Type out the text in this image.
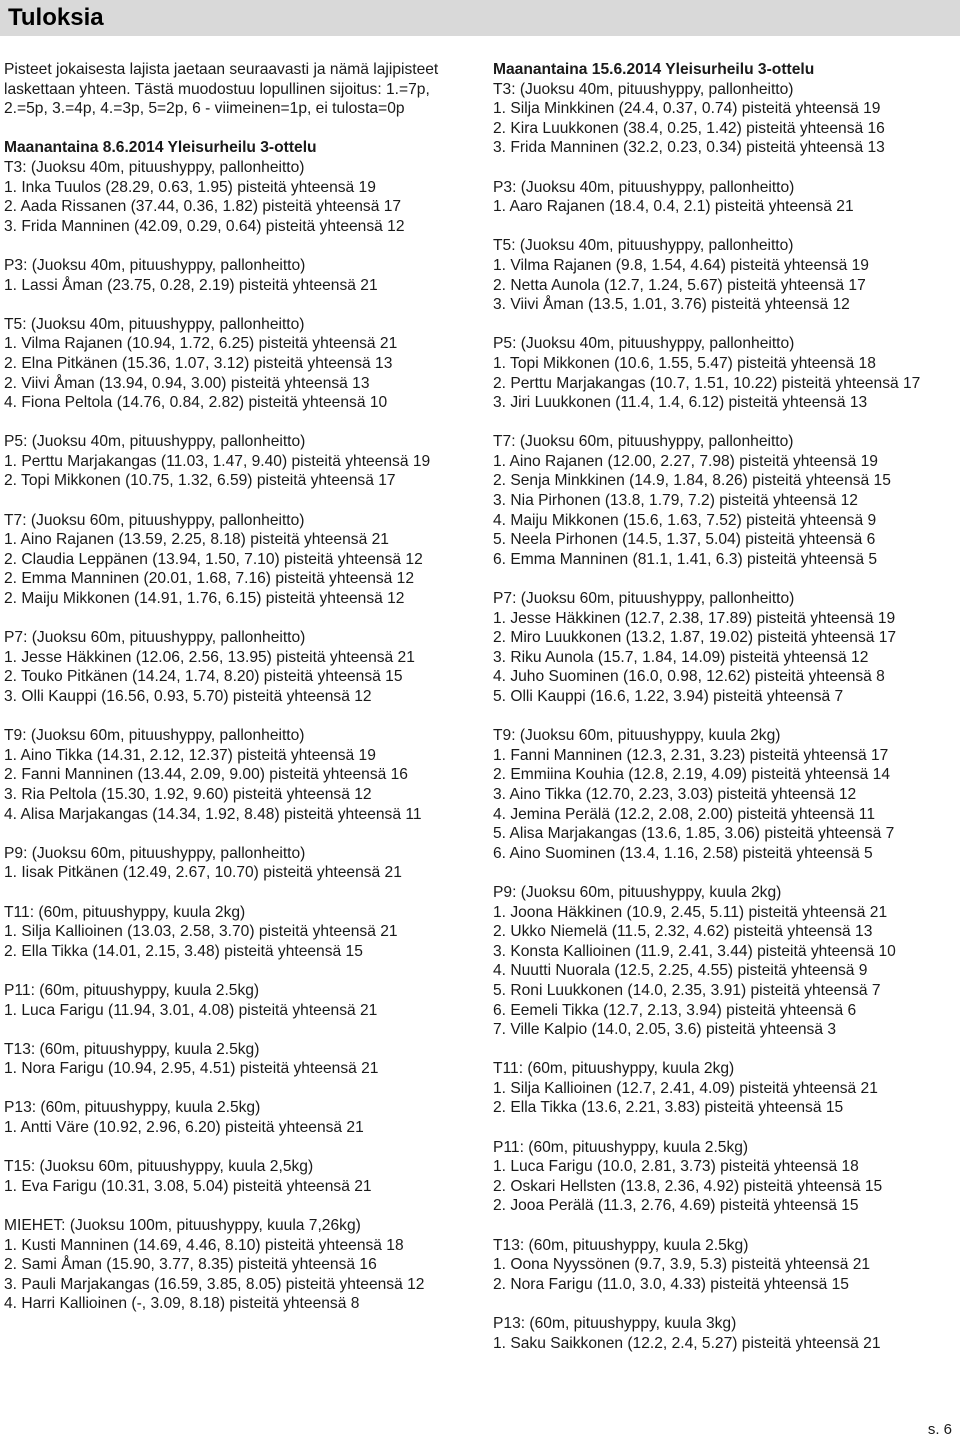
Tuloksia
Pisteet jokaisesta lajista jaetaan seuraavasti ja nämä lajipisteet laskettaan yhteen. Tästä muodostuu lopullinen sijoitus: 1.=7p, 2.=5p, 3.=4p, 4.=3p, 5=2p, 6 - viimeinen=1p, ei tulosta=0p
Maanantaina 8.6.2014 Yleisurheilu 3-ottelu
T3: (Juoksu 40m, pituushyppy, pallonheitto)
1. Inka Tuulos (28.29, 0.63, 1.95) pisteitä yhteensä 19
2. Aada Rissanen (37.44, 0.36, 1.82) pisteitä yhteensä 17
3. Frida Manninen (42.09, 0.29, 0.64) pisteitä yhteensä 12
P3: (Juoksu 40m, pituushyppy, pallonheitto)
1. Lassi Åman (23.75, 0.28, 2.19) pisteitä yhteensä 21
T5: (Juoksu 40m, pituushyppy, pallonheitto)
1. Vilma Rajanen (10.94, 1.72, 6.25) pisteitä yhteensä 21
2. Elna Pitkänen (15.36, 1.07, 3.12) pisteitä yhteensä 13
2. Viivi Åman (13.94, 0.94, 3.00) pisteitä yhteensä 13
4. Fiona Peltola (14.76, 0.84, 2.82) pisteitä yhteensä 10
P5: (Juoksu 40m, pituushyppy, pallonheitto)
1. Perttu Marjakangas (11.03, 1.47, 9.40) pisteitä yhteensä 19
2. Topi Mikkonen (10.75, 1.32, 6.59) pisteitä yhteensä 17
T7: (Juoksu 60m, pituushyppy, pallonheitto)
1. Aino Rajanen (13.59, 2.25, 8.18) pisteitä yhteensä 21
2. Claudia Leppänen (13.94, 1.50, 7.10) pisteitä yhteensä 12
2. Emma Manninen (20.01, 1.68, 7.16) pisteitä yhteensä 12
2. Maiju Mikkonen (14.91, 1.76, 6.15) pisteitä yhteensä 12
P7: (Juoksu 60m, pituushyppy, pallonheitto)
1. Jesse Häkkinen (12.06, 2.56, 13.95) pisteitä yhteensä 21
2. Touko Pitkänen (14.24, 1.74, 8.20) pisteitä yhteensä 15
3. Olli Kauppi (16.56, 0.93, 5.70) pisteitä yhteensä 12
T9: (Juoksu 60m, pituushyppy, pallonheitto)
1. Aino Tikka (14.31, 2.12, 12.37) pisteitä yhteensä 19
2. Fanni Manninen (13.44, 2.09, 9.00) pisteitä yhteensä 16
3. Ria Peltola (15.30, 1.92, 9.60) pisteitä yhteensä 12
4. Alisa Marjakangas (14.34, 1.92, 8.48) pisteitä yhteensä 11
P9: (Juoksu 60m, pituushyppy, pallonheitto)
1. Iisak Pitkänen (12.49, 2.67, 10.70) pisteitä yhteensä 21
T11: (60m, pituushyppy, kuula 2kg)
1. Silja Kallioinen (13.03, 2.58, 3.70) pisteitä yhteensä 21
2. Ella Tikka (14.01, 2.15, 3.48) pisteitä yhteensä 15
P11: (60m, pituushyppy, kuula 2.5kg)
1. Luca Farigu (11.94, 3.01, 4.08) pisteitä yhteensä 21
T13: (60m, pituushyppy, kuula 2.5kg)
1. Nora Farigu (10.94, 2.95, 4.51) pisteitä yhteensä 21
P13: (60m, pituushyppy, kuula 2.5kg)
1. Antti Väre (10.92, 2.96, 6.20) pisteitä yhteensä 21
T15: (Juoksu 60m, pituushyppy, kuula 2,5kg)
1. Eva Farigu (10.31, 3.08, 5.04) pisteitä yhteensä 21
MIEHET: (Juoksu 100m, pituushyppy, kuula 7,26kg)
1. Kusti Manninen (14.69, 4.46, 8.10) pisteitä yhteensä 18
2. Sami Åman (15.90, 3.77, 8.35) pisteitä yhteensä 16
3. Pauli Marjakangas (16.59, 3.85, 8.05) pisteitä yhteensä 12
4. Harri Kallioinen (-, 3.09, 8.18) pisteitä yhteensä 8
Maanantaina 15.6.2014 Yleisurheilu 3-ottelu
T3: (Juoksu 40m, pituushyppy, pallonheitto)
1. Silja Minkkinen (24.4, 0.37, 0.74) pisteitä yhteensä 19
2. Kira Luukkonen (38.4, 0.25, 1.42) pisteitä yhteensä 16
3. Frida Manninen (32.2, 0.23, 0.34) pisteitä yhteensä 13
P3: (Juoksu 40m, pituushyppy, pallonheitto)
1. Aaro Rajanen (18.4, 0.4, 2.1) pisteitä yhteensä 21
T5: (Juoksu 40m, pituushyppy, pallonheitto)
1. Vilma Rajanen (9.8, 1.54, 4.64) pisteitä yhteensä 19
2. Netta Aunola (12.7, 1.24, 5.67) pisteitä yhteensä 17
3. Viivi Åman (13.5, 1.01, 3.76) pisteitä yhteensä 12
P5: (Juoksu 40m, pituushyppy, pallonheitto)
1. Topi Mikkonen (10.6, 1.55, 5.47) pisteitä yhteensä 18
2. Perttu Marjakangas (10.7, 1.51, 10.22) pisteitä yhteensä 17
3. Jiri Luukkonen (11.4, 1.4, 6.12) pisteitä yhteensä 13
T7: (Juoksu 60m, pituushyppy, pallonheitto)
1. Aino Rajanen (12.00, 2.27, 7.98) pisteitä yhteensä 19
2. Senja Minkkinen (14.9, 1.84, 8.26) pisteitä yhteensä 15
3. Nia Pirhonen (13.8, 1.79, 7.2) pisteitä yhteensä 12
4. Maiju Mikkonen (15.6, 1.63, 7.52) pisteitä yhteensä 9
5. Neela Pirhonen (14.5, 1.37, 5.04) pisteitä yhteensä 6
6. Emma Manninen (81.1, 1.41, 6.3) pisteitä yhteensä 5
P7: (Juoksu 60m, pituushyppy, pallonheitto)
1. Jesse Häkkinen (12.7, 2.38, 17.89) pisteitä yhteensä 19
2. Miro Luukkonen (13.2, 1.87, 19.02) pisteitä yhteensä 17
3. Riku Aunola (15.7, 1.84, 14.09) pisteitä yhteensä 12
4. Juho Suominen (16.0, 0.98, 12.62) pisteitä yhteensä 8
5. Olli Kauppi (16.6, 1.22, 3.94) pisteitä yhteensä 7
T9: (Juoksu 60m, pituushyppy, kuula 2kg)
1. Fanni Manninen (12.3, 2.31, 3.23) pisteitä yhteensä 17
2. Emmiina Kouhia (12.8, 2.19, 4.09) pisteitä yhteensä 14
3. Aino Tikka (12.70, 2.23, 3.03) pisteitä yhteensä 12
4. Jemina Perälä (12.2, 2.08, 2.00) pisteitä yhteensä 11
5. Alisa Marjakangas (13.6, 1.85, 3.06) pisteitä yhteensä 7
6. Aino Suominen (13.4, 1.16, 2.58) pisteitä yhteensä 5
P9: (Juoksu 60m, pituushyppy, kuula 2kg)
1. Joona Häkkinen (10.9, 2.45, 5.11) pisteitä yhteensä 21
2. Ukko Niemelä (11.5, 2.32, 4.62) pisteitä yhteensä 13
3. Konsta Kallioinen (11.9, 2.41, 3.44) pisteitä yhteensä 10
4. Nuutti Nuorala (12.5, 2.25, 4.55) pisteitä yhteensä 9
5. Roni Luukkonen (14.0, 2.35, 3.91) pisteitä yhteensä 7
6. Eemeli Tikka (12.7, 2.13, 3.94) pisteitä yhteensä 6
7. Ville Kalpio (14.0, 2.05, 3.6) pisteitä yhteensä 3
T11: (60m, pituushyppy, kuula 2kg)
1. Silja Kallioinen (12.7, 2.41, 4.09) pisteitä yhteensä 21
2. Ella Tikka (13.6, 2.21, 3.83) pisteitä yhteensä 15
P11: (60m, pituushyppy, kuula 2.5kg)
1. Luca Farigu (10.0, 2.81, 3.73) pisteitä yhteensä 18
2. Oskari Hellsten (13.8, 2.36, 4.92) pisteitä yhteensä 15
2. Jooa Perälä (11.3, 2.76, 4.69) pisteitä yhteensä 15
T13: (60m, pituushyppy, kuula 2.5kg)
1. Oona Nyyssönen (9.7, 3.9, 5.3) pisteitä yhteensä 21
2. Nora Farigu (11.0, 3.0, 4.33) pisteitä yhteensä 15
P13: (60m, pituushyppy, kuula 3kg)
1. Saku Saikkonen (12.2, 2.4, 5.27) pisteitä yhteensä 21
s. 6
